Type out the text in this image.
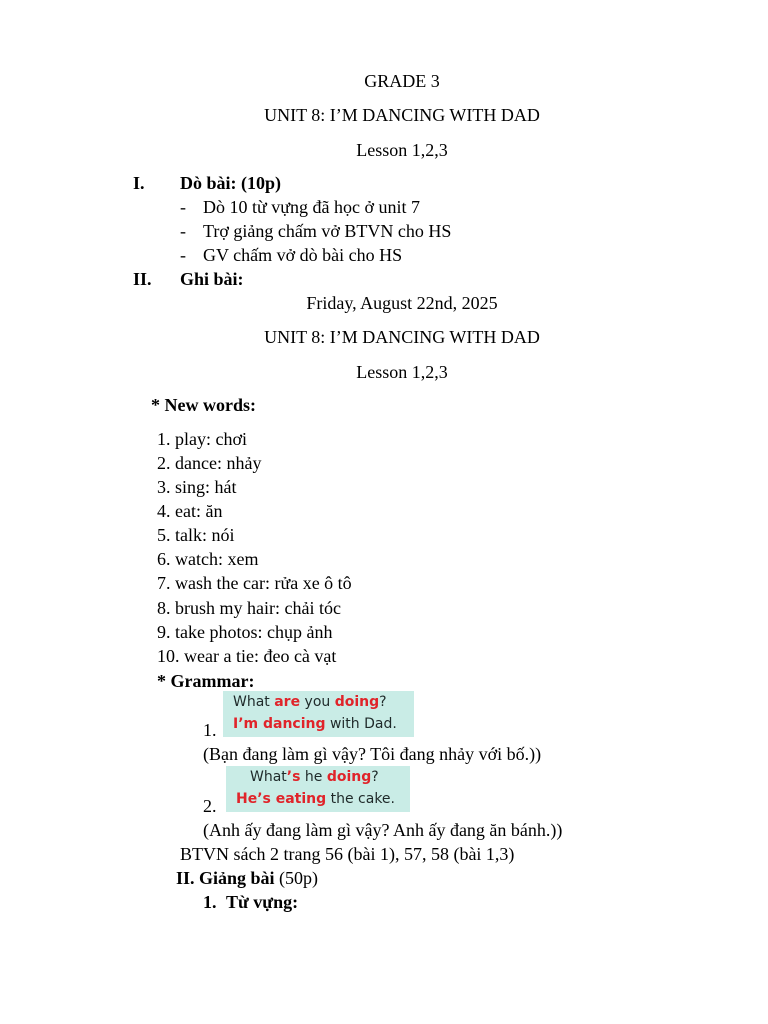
GRADE 3
UNIT 8: I’M DANCING WITH DAD
Lesson 1,2,3
I. Dò bài: (10p)
- Dò 10 từ vựng đã học ở unit 7
- Trợ giảng chấm vở BTVN cho HS
- GV chấm vở dò bài cho HS
II. Ghi bài:
Friday, August 22nd, 2025
UNIT 8: I’M DANCING WITH DAD
Lesson 1,2,3
* New words:
1. play: chơi
2. dance: nhảy
3. sing: hát
4. eat: ăn
5. talk: nói
6. watch: xem
7. wash the car: rửa xe ô tô
8. brush my hair: chải tóc
9. take photos: chụp ảnh
10. wear a tie: đeo cà vạt
* Grammar:
What are you doing?
I’m dancing with Dad.
1.
(Bạn đang làm gì vậy? Tôi đang nhảy với bố.))
What’s he doing?
He’s eating the cake.
2.
(Anh ấy đang làm gì vậy? Anh ấy đang ăn bánh.))
BTVN sách 2 trang 56 (bài 1), 57, 58 (bài 1,3)
II. Giảng bài (50p)
1. Từ vựng:
